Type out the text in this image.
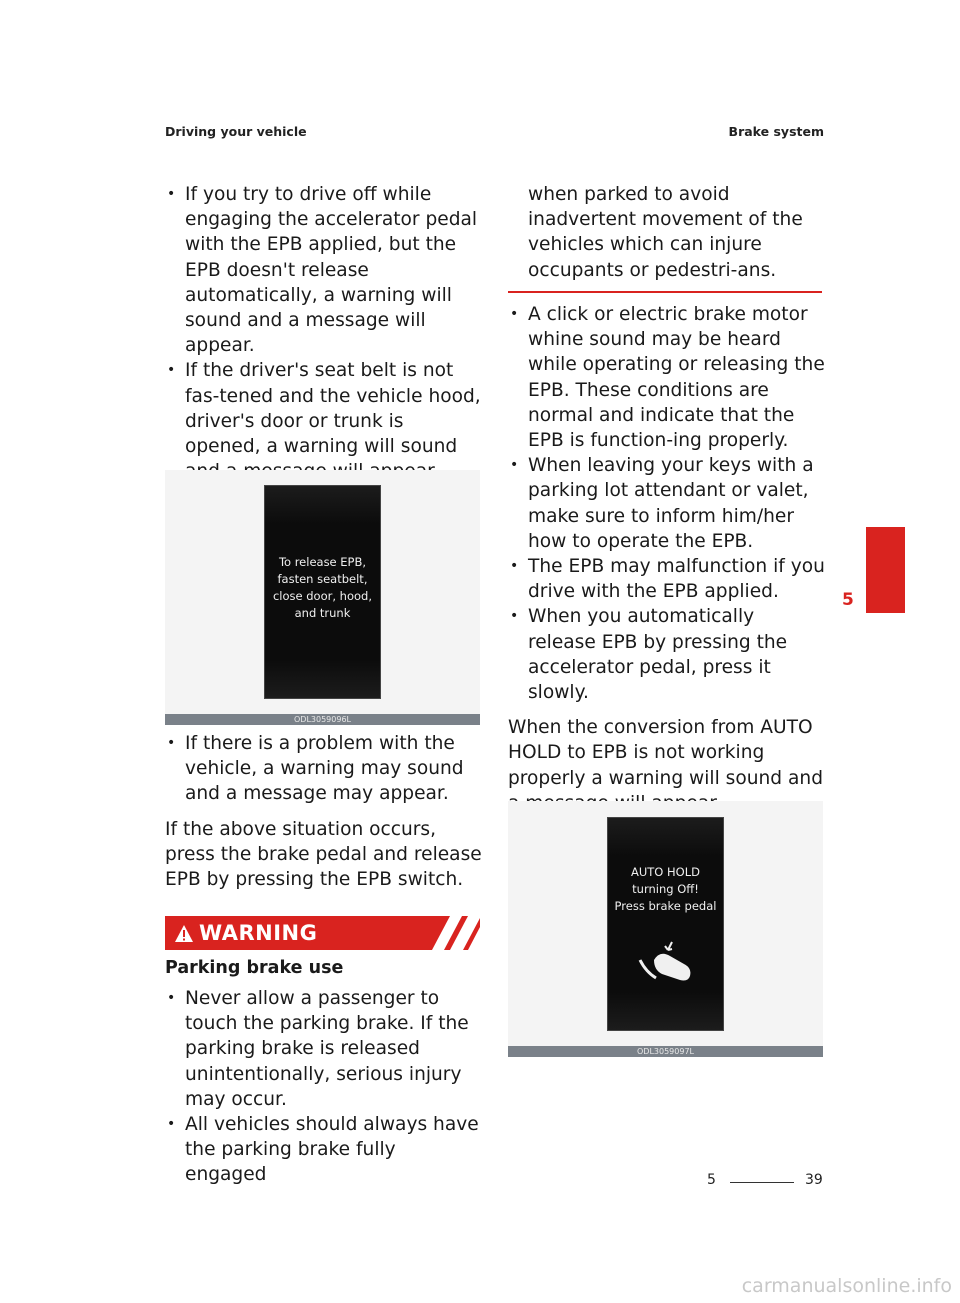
Driving your vehicle	Brake system
• If you try to drive off while engaging the accelerator pedal with the EPB applied, but the EPB doesn't release automatically, a warning will sound and a message will appear.
• If the driver's seat belt is not fas-tened and the vehicle hood, driver's door or trunk is opened, a warning will sound
To release EPB,
fasten seatbelt,
close door, hood,
and trunk
ODL3059096L
• If there is a problem with the vehicle, a warning may sound and a message may appear.

If the above situation occurs, press the brake pedal and release EPB by pressing the EPB switch.

WARNING
Parking brake use
• Never allow a passenger to touch the parking brake. If the parking brake is released unintentionally, serious injury may occur.
• All vehicles should always have the parking brake fully engaged

when parked to avoid inadvertent movement of the vehicles which can injure occupants or pedestri-ans.

• A click or electric brake motor whine sound may be heard while operating or releasing the EPB. These conditions are normal and indicate that the EPB is function-ing properly.
• When leaving your keys with a parking lot attendant or valet, make sure to inform him/her how to operate the EPB.
• The EPB may malfunction if you drive with the EPB applied.
• When you automatically release EPB by pressing the accelerator pedal, press it slowly.

When the conversion from AUTO HOLD to EPB is not working properly a warning will sound and

AUTO HOLD
turning Off!
Press brake pedal
ODL3059097L
5
5	39
carmanualsonline.info
